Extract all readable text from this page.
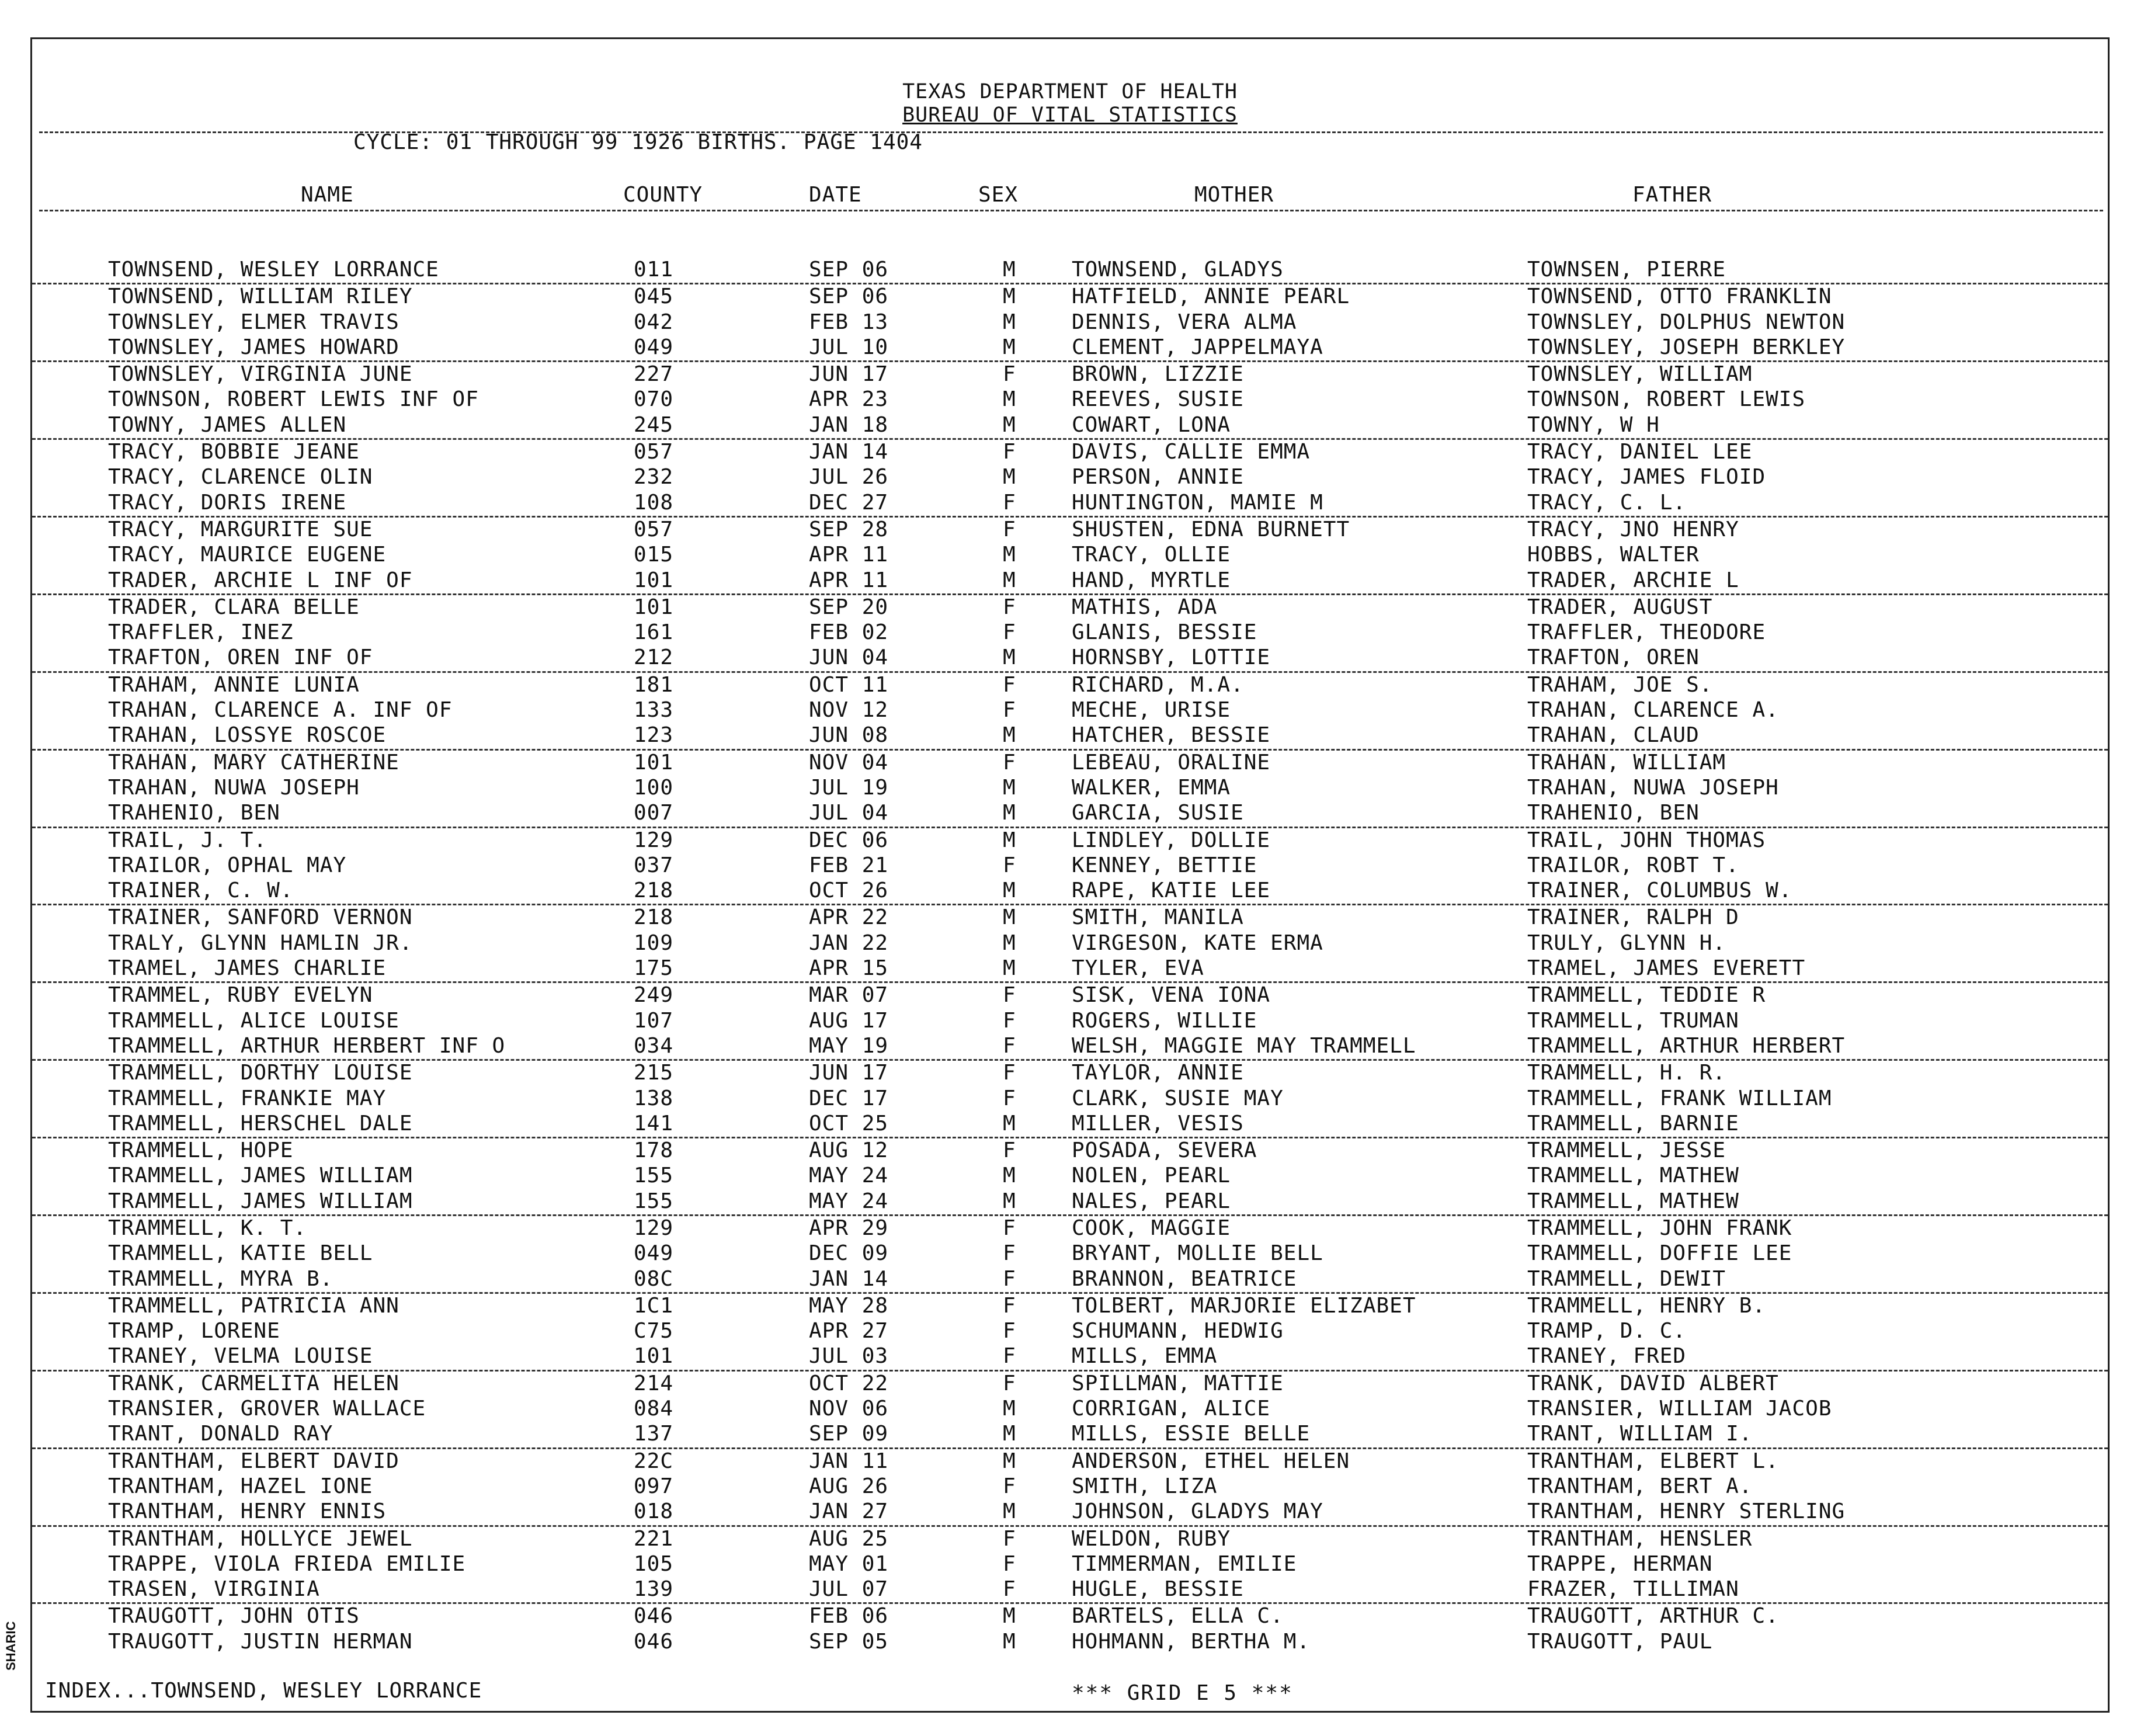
TEXAS DEPARTMENT OF HEALTH
BUREAU OF VITAL STATISTICS
CYCLE: 01 THROUGH 99 1926 BIRTHS. PAGE 1404
NAME	COUNTY	DATE	SEX	MOTHER	FATHER
TOWNSEND, WESLEY LORRANCE	011	SEP 06	M	TOWNSEND, GLADYS	TOWNSEN, PIERRE
TOWNSEND, WILLIAM RILEY	045	SEP 06	M	HATFIELD, ANNIE PEARL	TOWNSEND, OTTO FRANKLIN
TOWNSLEY, ELMER TRAVIS	042	FEB 13	M	DENNIS, VERA ALMA	TOWNSLEY, DOLPHUS NEWTON
TOWNSLEY, JAMES HOWARD	049	JUL 10	M	CLEMENT, JAPPELMAYA	TOWNSLEY, JOSEPH BERKLEY
TOWNSLEY, VIRGINIA JUNE	227	JUN 17	F	BROWN, LIZZIE	TOWNSLEY, WILLIAM
TOWNSON, ROBERT LEWIS INF OF	070	APR 23	M	REEVES, SUSIE	TOWNSON, ROBERT LEWIS
TOWNY, JAMES ALLEN	245	JAN 18	M	COWART, LONA	TOWNY, W H
TRACY, BOBBIE JEANE	057	JAN 14	F	DAVIS, CALLIE EMMA	TRACY, DANIEL LEE
TRACY, CLARENCE OLIN	232	JUL 26	M	PERSON, ANNIE	TRACY, JAMES FLOID
TRACY, DORIS IRENE	108	DEC 27	F	HUNTINGTON, MAMIE M	TRACY, C. L.
TRACY, MARGURITE SUE	057	SEP 28	F	SHUSTEN, EDNA BURNETT	TRACY, JNO HENRY
TRACY, MAURICE EUGENE	015	APR 11	M	TRACY, OLLIE	HOBBS, WALTER
TRADER, ARCHIE L INF OF	101	APR 11	M	HAND, MYRTLE	TRADER, ARCHIE L
TRADER, CLARA BELLE	101	SEP 20	F	MATHIS, ADA	TRADER, AUGUST
TRAFFLER, INEZ	161	FEB 02	F	GLANIS, BESSIE	TRAFFLER, THEODORE
TRAFTON, OREN INF OF	212	JUN 04	M	HORNSBY, LOTTIE	TRAFTON, OREN
TRAHAM, ANNIE LUNIA	181	OCT 11	F	RICHARD, M.A.	TRAHAM, JOE S.
TRAHAN, CLARENCE A. INF OF	133	NOV 12	F	MECHE, URISE	TRAHAN, CLARENCE A.
TRAHAN, LOSSYE ROSCOE	123	JUN 08	M	HATCHER, BESSIE	TRAHAN, CLAUD
TRAHAN, MARY CATHERINE	101	NOV 04	F	LEBEAU, ORALINE	TRAHAN, WILLIAM
TRAHAN, NUWA JOSEPH	100	JUL 19	M	WALKER, EMMA	TRAHAN, NUWA JOSEPH
TRAHENIO, BEN	007	JUL 04	M	GARCIA, SUSIE	TRAHENIO, BEN
TRAIL, J. T.	129	DEC 06	M	LINDLEY, DOLLIE	TRAIL, JOHN THOMAS
TRAILOR, OPHAL MAY	037	FEB 21	F	KENNEY, BETTIE	TRAILOR, ROBT T.
TRAINER, C. W.	218	OCT 26	M	RAPE, KATIE LEE	TRAINER, COLUMBUS W.
TRAINER, SANFORD VERNON	218	APR 22	M	SMITH, MANILA	TRAINER, RALPH D
TRALY, GLYNN HAMLIN JR.	109	JAN 22	M	VIRGESON, KATE ERMA	TRULY, GLYNN H.
TRAMEL, JAMES CHARLIE	175	APR 15	M	TYLER, EVA	TRAMEL, JAMES EVERETT
TRAMMEL, RUBY EVELYN	249	MAR 07	F	SISK, VENA IONA	TRAMMELL, TEDDIE R
TRAMMELL, ALICE LOUISE	107	AUG 17	F	ROGERS, WILLIE	TRAMMELL, TRUMAN
TRAMMELL, ARTHUR HERBERT INF O	034	MAY 19	F	WELSH, MAGGIE MAY TRAMMELL	TRAMMELL, ARTHUR HERBERT
TRAMMELL, DORTHY LOUISE	215	JUN 17	F	TAYLOR, ANNIE	TRAMMELL, H. R.
TRAMMELL, FRANKIE MAY	138	DEC 17	F	CLARK, SUSIE MAY	TRAMMELL, FRANK WILLIAM
TRAMMELL, HERSCHEL DALE	141	OCT 25	M	MILLER, VESIS	TRAMMELL, BARNIE
TRAMMELL, HOPE	178	AUG 12	F	POSADA, SEVERA	TRAMMELL, JESSE
TRAMMELL, JAMES WILLIAM	155	MAY 24	M	NOLEN, PEARL	TRAMMELL, MATHEW
TRAMMELL, JAMES WILLIAM	155	MAY 24	M	NALES, PEARL	TRAMMELL, MATHEW
TRAMMELL, K. T.	129	APR 29	F	COOK, MAGGIE	TRAMMELL, JOHN FRANK
TRAMMELL, KATIE BELL	049	DEC 09	F	BRYANT, MOLLIE BELL	TRAMMELL, DOFFIE LEE
TRAMMELL, MYRA B.	08C	JAN 14	F	BRANNON, BEATRICE	TRAMMELL, DEWIT
TRAMMELL, PATRICIA ANN	1C1	MAY 28	F	TOLBERT, MARJORIE ELIZABET	TRAMMELL, HENRY B.
TRAMP, LORENE	C75	APR 27	F	SCHUMANN, HEDWIG	TRAMP, D. C.
TRANEY, VELMA LOUISE	101	JUL 03	F	MILLS, EMMA	TRANEY, FRED
TRANK, CARMELITA HELEN	214	OCT 22	F	SPILLMAN, MATTIE	TRANK, DAVID ALBERT
TRANSIER, GROVER WALLACE	084	NOV 06	M	CORRIGAN, ALICE	TRANSIER, WILLIAM JACOB
TRANT, DONALD RAY	137	SEP 09	M	MILLS, ESSIE BELLE	TRANT, WILLIAM I.
TRANTHAM, ELBERT DAVID	22C	JAN 11	M	ANDERSON, ETHEL HELEN	TRANTHAM, ELBERT L.
TRANTHAM, HAZEL IONE	097	AUG 26	F	SMITH, LIZA	TRANTHAM, BERT A.
TRANTHAM, HENRY ENNIS	018	JAN 27	M	JOHNSON, GLADYS MAY	TRANTHAM, HENRY STERLING
TRANTHAM, HOLLYCE JEWEL	221	AUG 25	F	WELDON, RUBY	TRANTHAM, HENSLER
TRAPPE, VIOLA FRIEDA EMILIE	105	MAY 01	F	TIMMERMAN, EMILIE	TRAPPE, HERMAN
TRASEN, VIRGINIA	139	JUL 07	F	HUGLE, BESSIE	FRAZER, TILLIMAN
TRAUGOTT, JOHN OTIS	046	FEB 06	M	BARTELS, ELLA C.	TRAUGOTT, ARTHUR C.
TRAUGOTT, JUSTIN HERMAN	046	SEP 05	M	HOHMANN, BERTHA M.	TRAUGOTT, PAUL
INDEX...TOWNSEND, WESLEY LORRANCE	*** GRID E 5 ***
SHARIC
